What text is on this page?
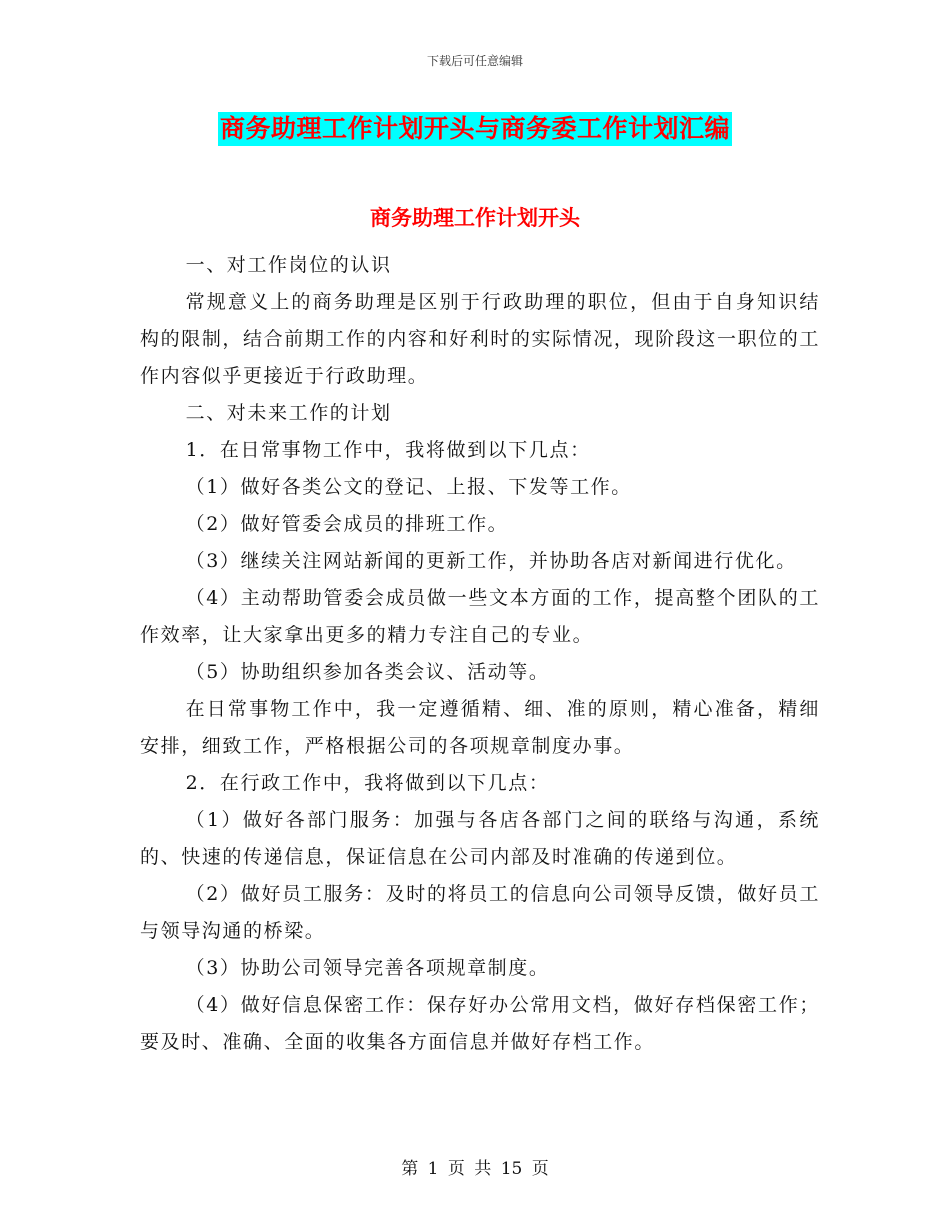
下载后可任意编辑
商务助理工作计划开头与商务委工作计划汇编
商务助理工作计划开头

一、对工作岗位的认识

常规意义上的商务助理是区别于行政助理的职位，但由于自身知识结构的限制，结合前期工作的内容和好利时的实际情况，现阶段这一职位的工作内容似乎更接近于行政助理。

二、对未来工作的计划

1．在日常事物工作中，我将做到以下几点：

（1）做好各类公文的登记、上报、下发等工作。

（2）做好管委会成员的排班工作。

（3）继续关注网站新闻的更新工作，并协助各店对新闻进行优化。

（4）主动帮助管委会成员做一些文本方面的工作，提高整个团队的工作效率，让大家拿出更多的精力专注自己的专业。

（5）协助组织参加各类会议、活动等。

在日常事物工作中，我一定遵循精、细、准的原则，精心准备，精细安排，细致工作，严格根据公司的各项规章制度办事。

2．在行政工作中，我将做到以下几点：

（1）做好各部门服务：加强与各店各部门之间的联络与沟通，系统的、快速的传递信息，保证信息在公司内部及时准确的传递到位。

（2）做好员工服务：及时的将员工的信息向公司领导反馈，做好员工与领导沟通的桥梁。

（3）协助公司领导完善各项规章制度。

（4）做好信息保密工作：保存好办公常用文档，做好存档保密工作；要及时、准确、全面的收集各方面信息并做好存档工作。

第 1 页 共 15 页
